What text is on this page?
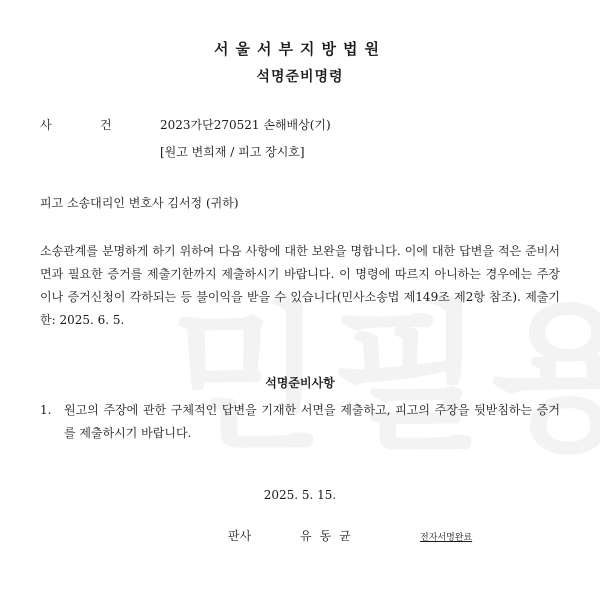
서울서부지방법원
석명준비명령
사	건	2023가단270521 손해배상(기)
[원고 변희재 / 피고 장시호]
피고 소송대리인 변호사 김서정 (귀하)
소송관계를 분명하게 하기 위하여 다음 사항에 대한 보완을 명합니다. 이에 대한 답변을 적은 준비서면과 필요한 증거를 제출기한까지 제출하시기 바랍니다. 이 명령에 따르지 아니하는 경우에는 주장이나 증거신청이 각하되는 등 불이익을 받을 수 있습니다(민사소송법 제149조 제2항 참조). 제출기한: 2025. 6. 5.
석명준비사항
1. 원고의 주장에 관한 구체적인 답변을 기재한 서면을 제출하고, 피고의 주장을 뒷받침하는 증거를 제출하시기 바랍니다.
2025. 5. 15.
판사	유동균	전자서명완료
